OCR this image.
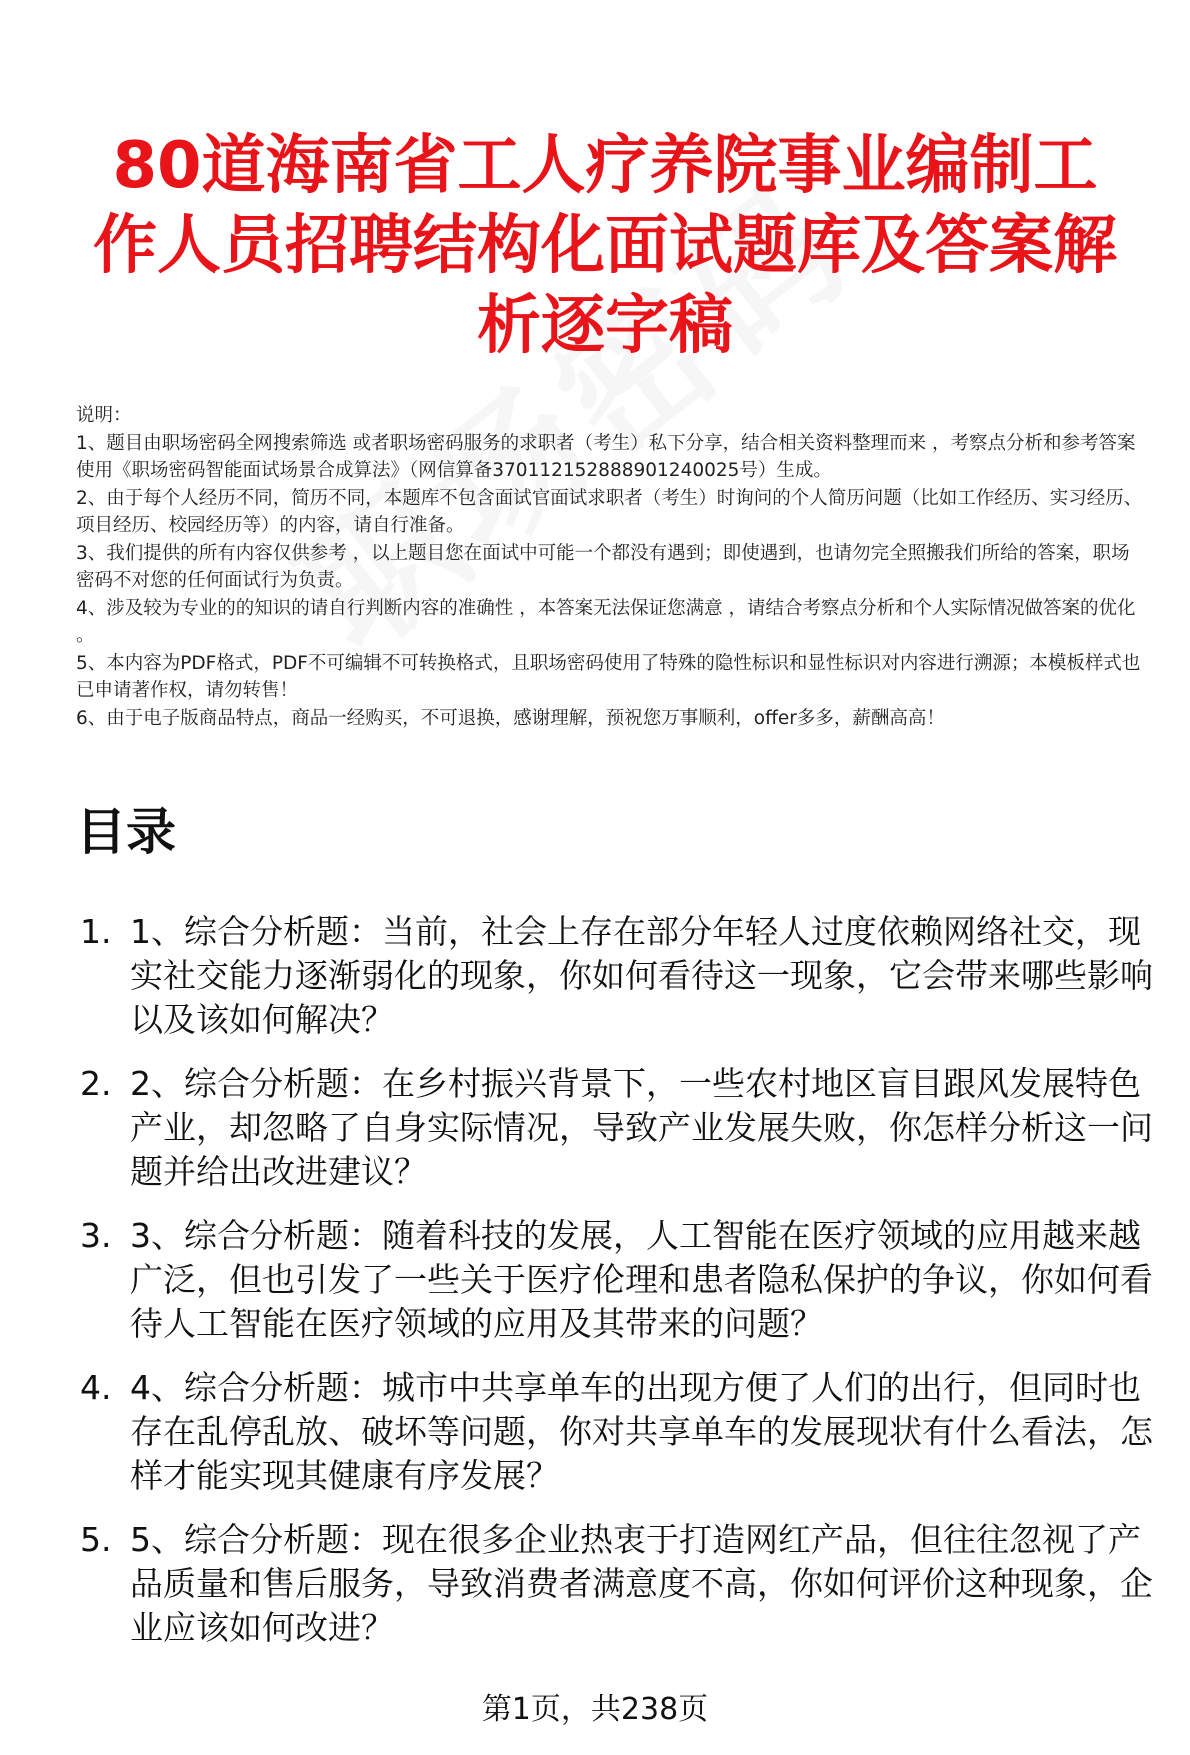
80道海南省工人疗养院事业编制工作人员招聘结构化面试题库及答案解析逐字稿

说明：

1、题目由职场密码全网搜索筛选 或者职场密码服务的求职者（考生）私下分享，结合相关资料整理而来 ，考察点分析和参考答案使用《职场密码智能面试场景合成算法》（网信算备370112152888901240025号）生成。

2、由于每个人经历不同，简历不同，本题库不包含面试官面试求职者（考生）时询问的个人简历问题（比如工作经历、实习经历、项目经历、校园经历等）的内容，请自行准备。

3、我们提供的所有内容仅供参考 ，以上题目您在面试中可能一个都没有遇到；即使遇到，也请勿完全照搬我们所给的答案，职场密码不对您的任何面试行为负责。

4、涉及较为专业的的知识的请自行判断内容的准确性 ，本答案无法保证您满意 ，请结合考察点分析和个人实际情况做答案的优化 。

5、本内容为PDF格式，PDF不可编辑不可转换格式，且职场密码使用了特殊的隐性标识和显性标识对内容进行溯源；本模板样式也已申请著作权，请勿转售！

6、由于电子版商品特点，商品一经购买，不可退换，感谢理解，预祝您万事顺利，offer多多，薪酬高高！

目录
1. 1、综合分析题：当前，社会上存在部分年轻人过度依赖网络社交，现实社交能力逐渐弱化的现象，你如何看待这一现象，它会带来哪些影响以及该如何解决？
2. 2、综合分析题：在乡村振兴背景下，一些农村地区盲目跟风发展特色产业，却忽略了自身实际情况，导致产业发展失败，你怎样分析这一问题并给出改进建议？
3. 3、综合分析题：随着科技的发展，人工智能在医疗领域的应用越来越广泛，但也引发了一些关于医疗伦理和患者隐私保护的争议，你如何看待人工智能在医疗领域的应用及其带来的问题？
4. 4、综合分析题：城市中共享单车的出现方便了人们的出行，但同时也存在乱停乱放、破坏等问题，你对共享单车的发展现状有什么看法，怎样才能实现其健康有序发展？
5. 5、综合分析题：现在很多企业热衷于打造网红产品，但往往忽视了产品质量和售后服务，导致消费者满意度不高，你如何评价这种现象，企业应该如何改进？
第1页，共238页
